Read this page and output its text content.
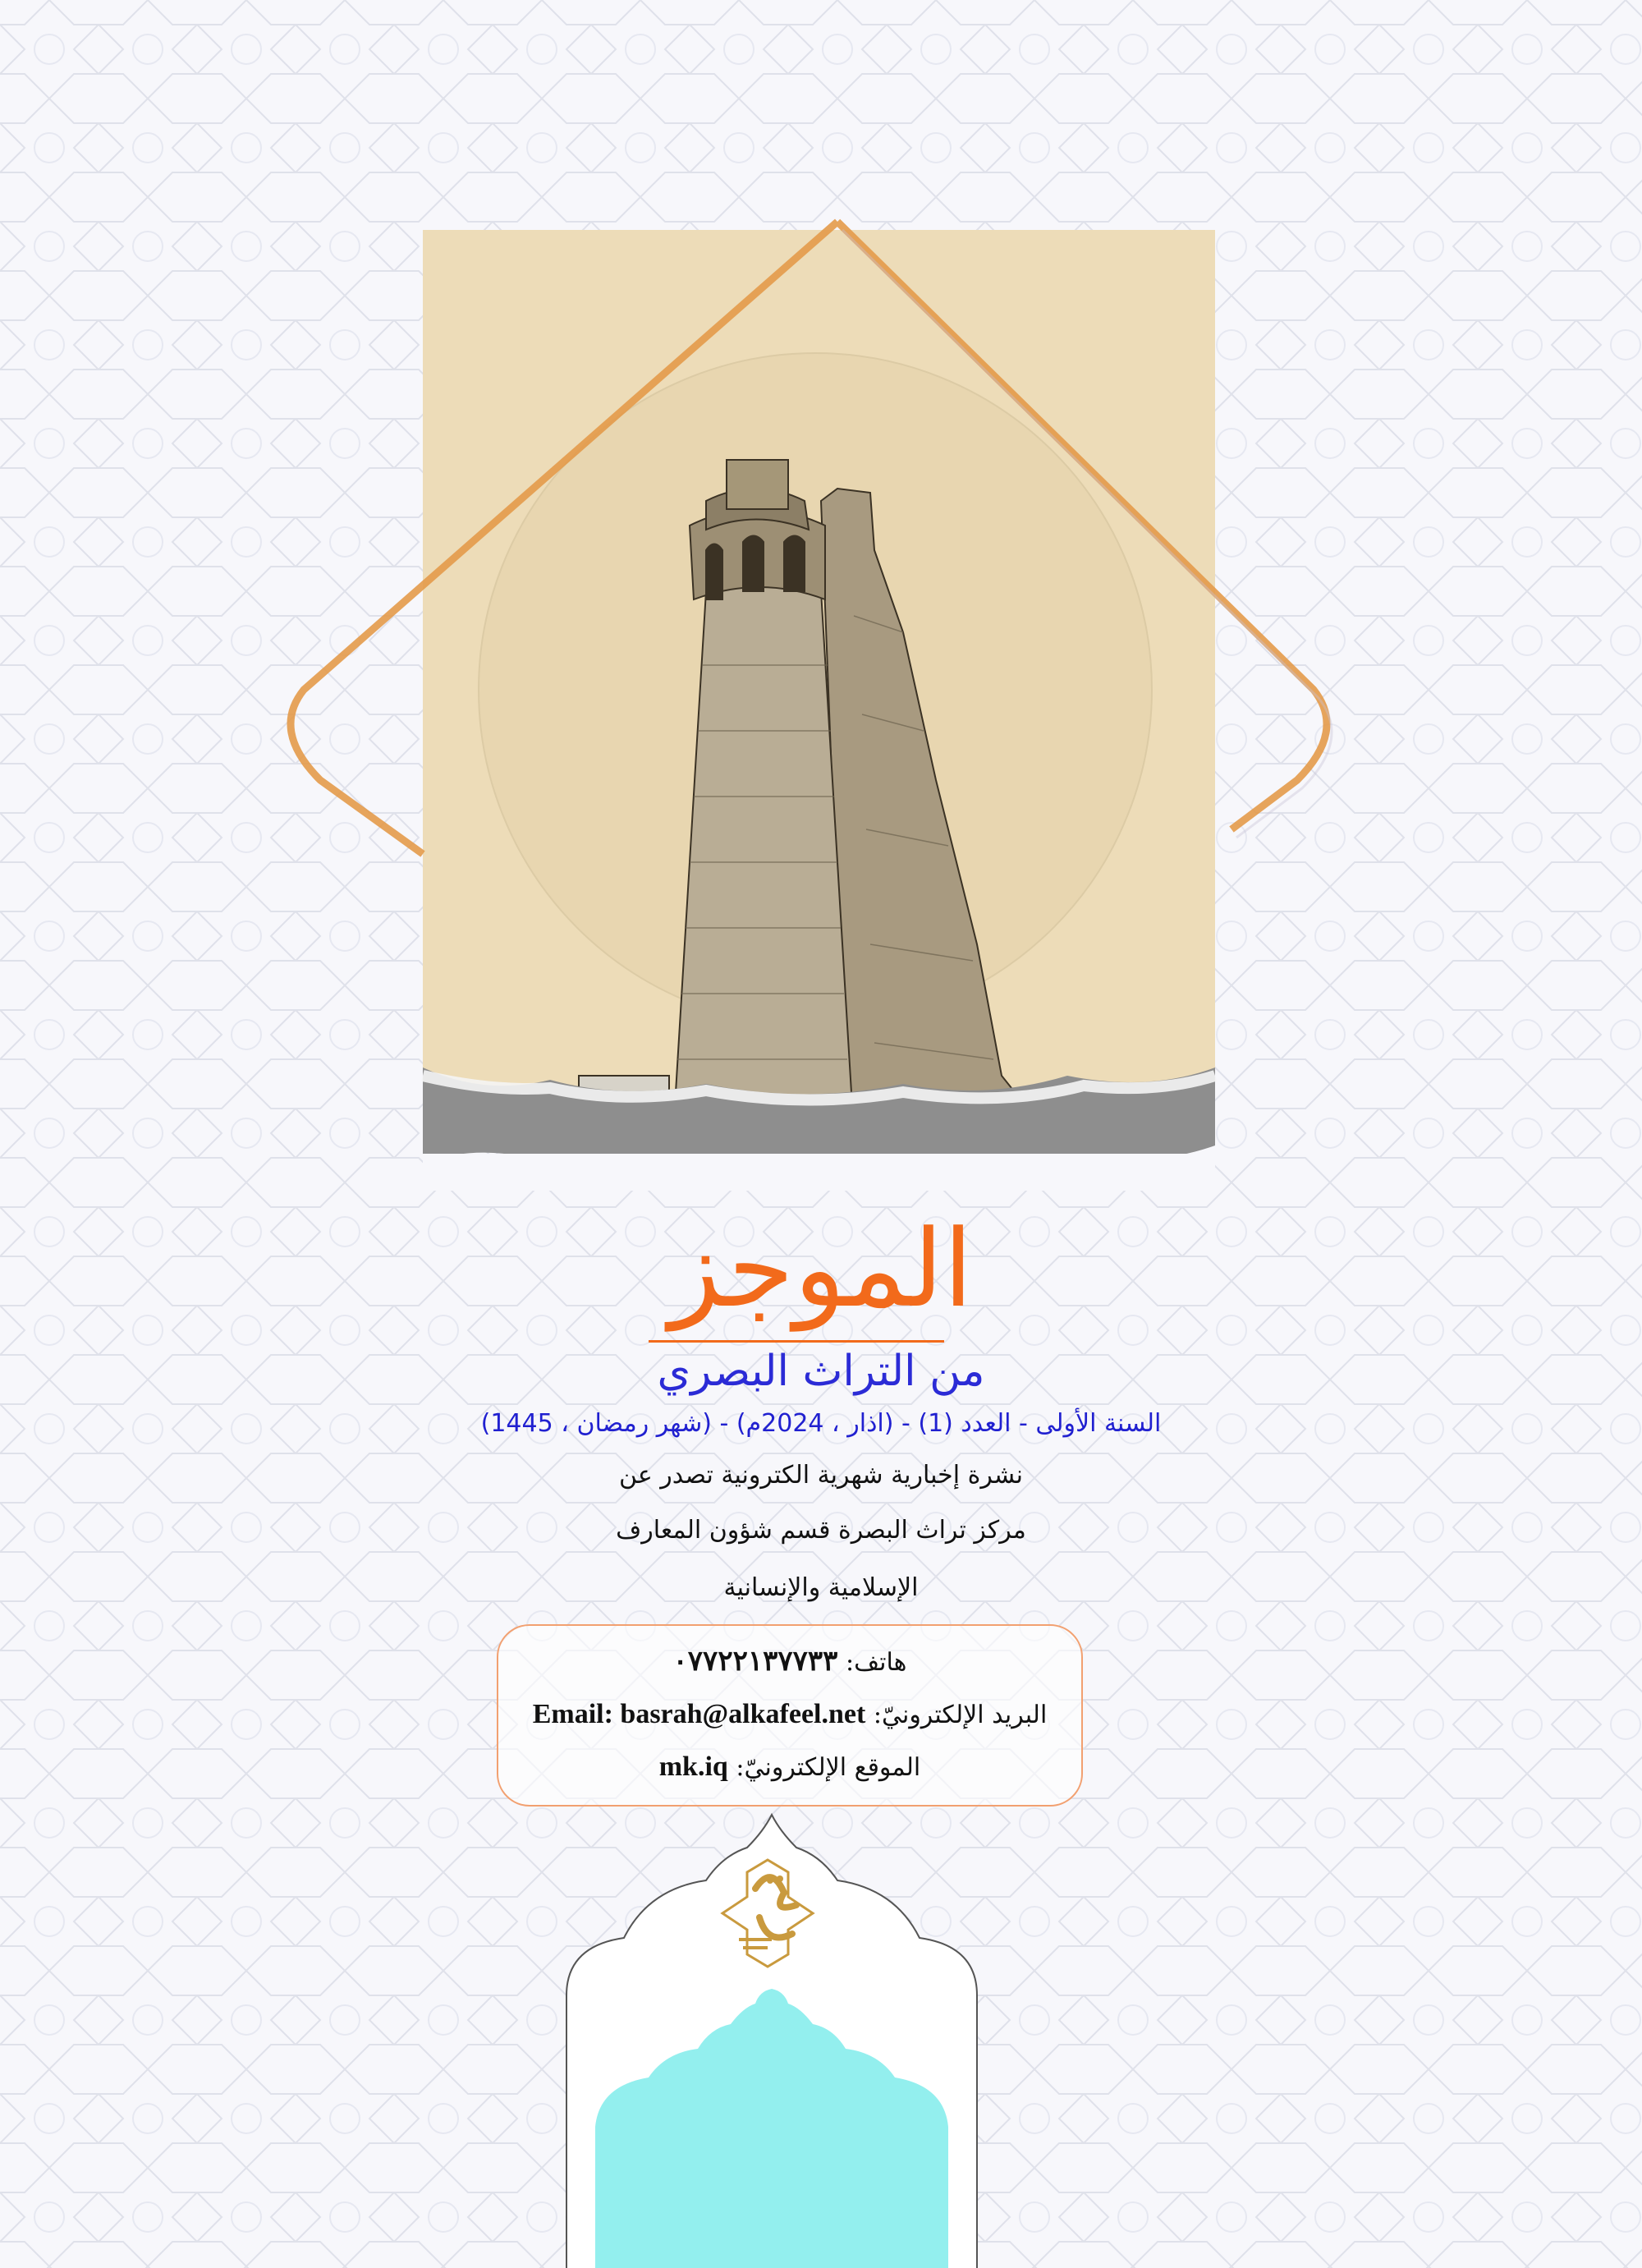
الموجز
من التراث البصري
السنة الأولى - العدد (1) - (اذار ، 2024م) - (شهر رمضان ، 1445)
نشرة إخبارية شهرية الكترونية تصدر عن
مركز تراث البصرة قسم شؤون المعارف
الإسلامية والإنسانية
هاتف: ٠٧٧٢٢١٣٧٧٣٣
البريد الإلكترونيّ: Email: basrah@alkafeel.net
الموقع الإلكترونيّ: mk.iq
